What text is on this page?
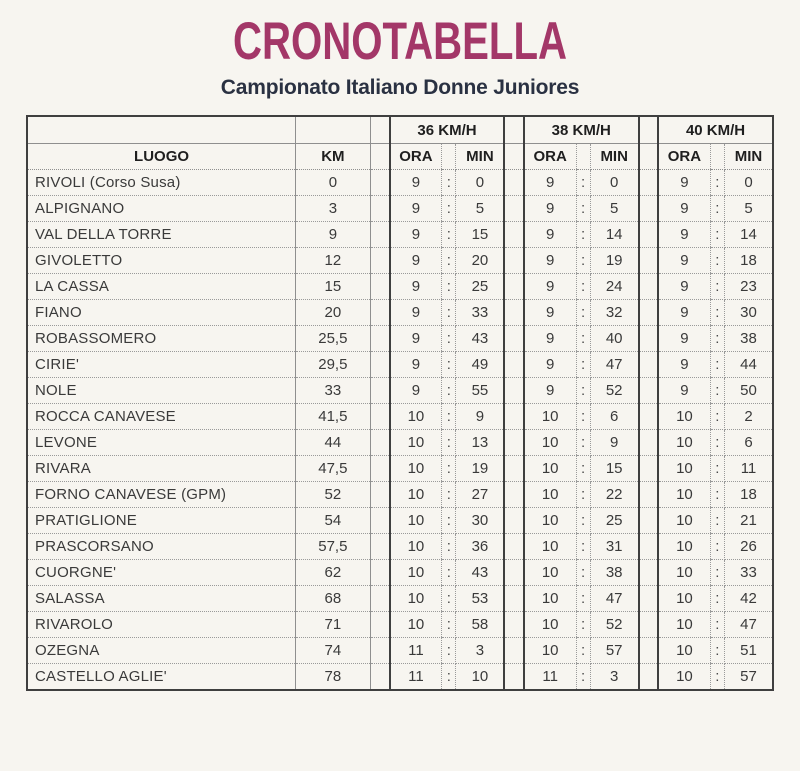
CRONOTABELLA
Campionato Italiano Donne Juniores
			36 KM/H				38 KM/H				40 KM/H		
LUOGO	KM		ORA		MIN		ORA		MIN		ORA		MIN
RIVOLI (Corso Susa)	0		9	:	0		9	:	0		9	:	0
ALPIGNANO	3		9	:	5		9	:	5		9	:	5
VAL DELLA TORRE	9		9	:	15		9	:	14		9	:	14
GIVOLETTO	12		9	:	20		9	:	19		9	:	18
LA CASSA	15		9	:	25		9	:	24		9	:	23
FIANO	20		9	:	33		9	:	32		9	:	30
ROBASSOMERO	25,5		9	:	43		9	:	40		9	:	38
CIRIE'	29,5		9	:	49		9	:	47		9	:	44
NOLE	33		9	:	55		9	:	52		9	:	50
ROCCA CANAVESE	41,5		10	:	9		10	:	6		10	:	2
LEVONE	44		10	:	13		10	:	9		10	:	6
RIVARA	47,5		10	:	19		10	:	15		10	:	11
FORNO CANAVESE (GPM)	52		10	:	27		10	:	22		10	:	18
PRATIGLIONE	54		10	:	30		10	:	25		10	:	21
PRASCORSANO	57,5		10	:	36		10	:	31		10	:	26
CUORGNE'	62		10	:	43		10	:	38		10	:	33
SALASSA	68		10	:	53		10	:	47		10	:	42
RIVAROLO	71		10	:	58		10	:	52		10	:	47
OZEGNA	74		11	:	3		10	:	57		10	:	51
CASTELLO AGLIE'	78		11	:	10		11	:	3		10	:	57
